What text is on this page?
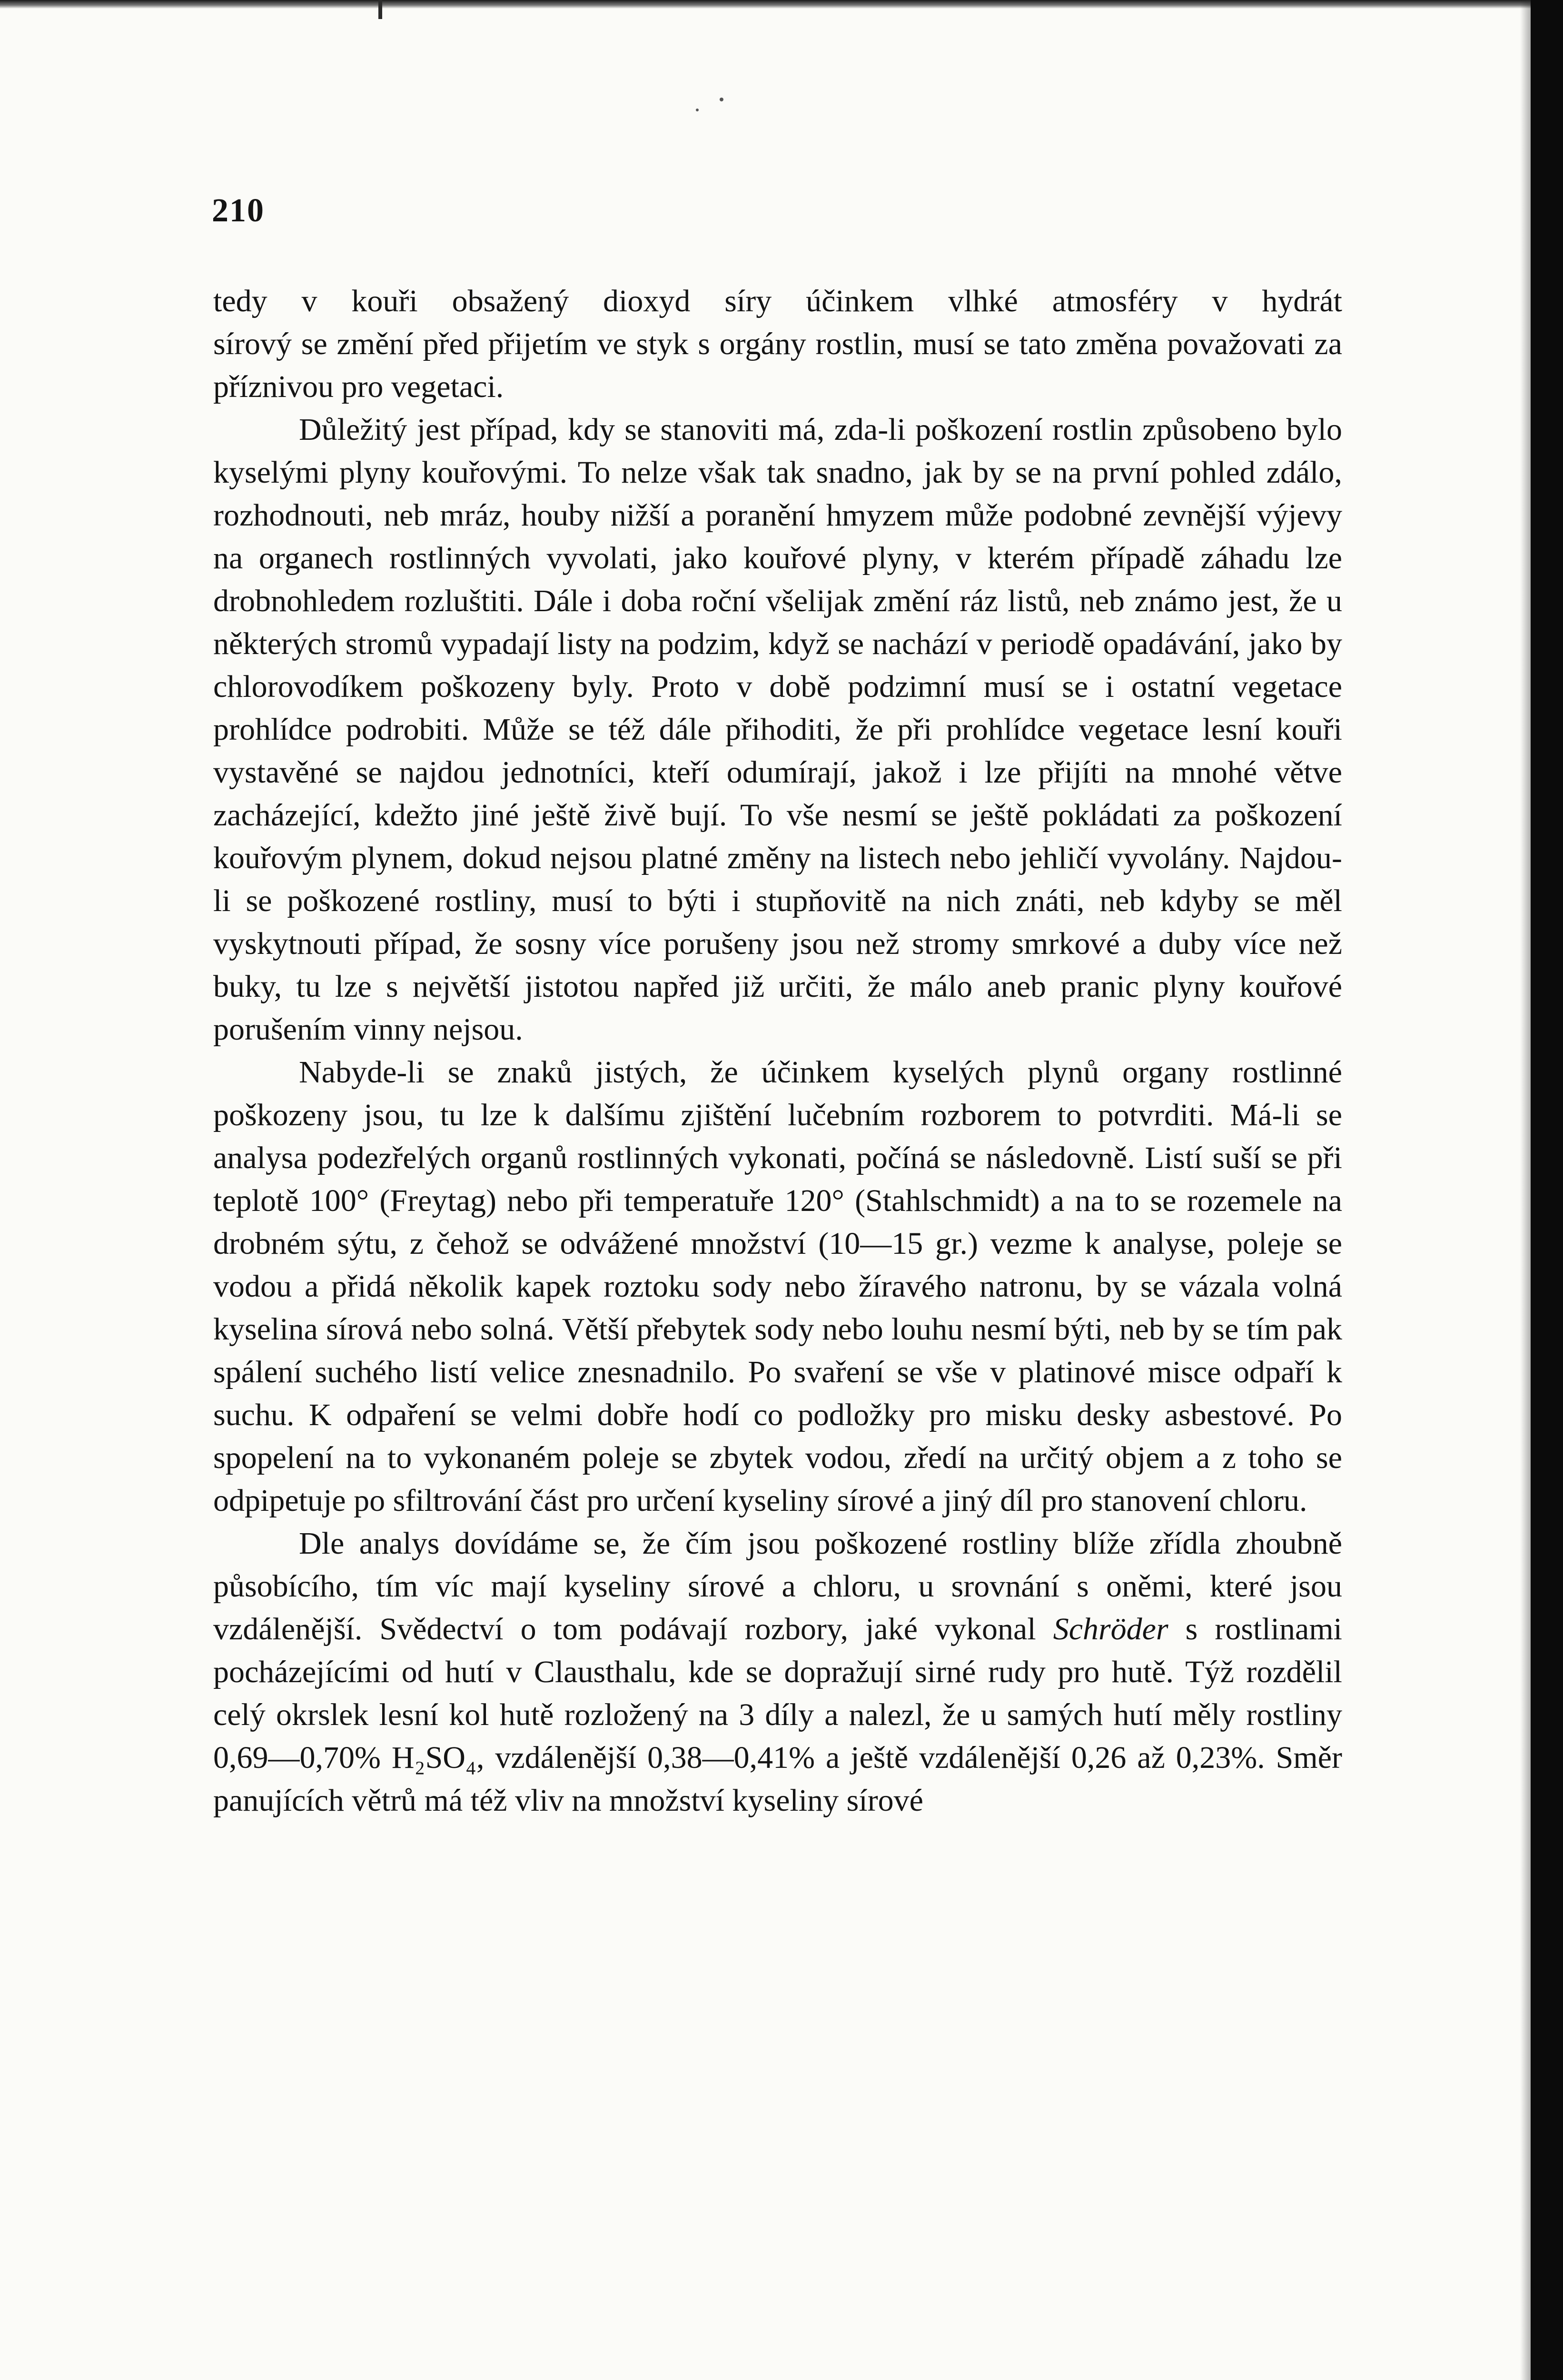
210

tedy v kouři obsažený dioxyd síry účinkem vlhké atmosféry v hydrát
sírový se změní před přijetím ve styk s orgány rostlin, musí se tato změna považovati za příznivou pro vegetaci.

Důležitý jest případ, kdy se stanoviti má, zda-li poškození rostlin způsobeno bylo kyselými plyny kouřovými. To nelze však tak snadno, jak by se na první pohled zdálo, rozhodnouti, neb mráz, houby nižší a poranění hmyzem může podobné zevnější výjevy na organech rostlinných vyvolati, jako kouřové plyny, v kterém případě záhadu lze drobnohledem rozluštiti. Dále i doba roční všelijak změní ráz listů, neb známo jest, že u některých stromů vypadají listy na podzim, když se nachází v periodě opadávání, jako by chlorovodíkem poškozeny byly. Proto v době podzimní musí se i ostatní vegetace prohlídce podrobiti. Může se též dále přihoditi, že při prohlídce vegetace lesní kouři vystavěné se najdou jednotníci, kteří odumírají, jakož i lze přijíti na mnohé větve zacházející, kdežto jiné ještě živě bují. To vše nesmí se ještě pokládati za poškození kouřovým plynem, dokud nejsou platné změny na listech nebo jehličí vyvolány. Najdou-li se poškozené rostliny, musí to býti i stupňovitě na nich znáti, neb kdyby se měl vyskytnouti případ, že sosny více porušeny jsou než stromy smrkové a duby více než buky, tu lze s největší jistotou napřed již určiti, že málo aneb pranic plyny kouřové porušením vinny nejsou.

Nabyde-li se znaků jistých, že účinkem kyselých plynů organy rostlinné poškozeny jsou, tu lze k dalšímu zjištění lučebním rozborem to potvrditi. Má-li se analysa podezřelých organů rostlinných vykonati, počíná se následovně. Listí suší se při teplotě 100° (Freytag) nebo při temperatuře 120° (Stahlschmidt) a na to se rozemele na drobném sýtu, z čehož se odvážené množství (10—15 gr.) vezme k analyse, poleje se vodou a přidá několik kapek roztoku sody nebo žíravého natronu, by se vázala volná kyselina sírová nebo solná. Větší přebytek sody nebo louhu nesmí býti, neb by se tím pak spálení suchého listí velice znesnadnilo. Po svaření se vše v platinové misce odpaří k suchu. K odpaření se velmi dobře hodí co podložky pro misku desky asbestové. Po spopelení na to vykonaném poleje se zbytek vodou, zředí na určitý objem a z toho se odpipetuje po sfiltrování část pro určení kyseliny sírové a jiný díl pro stanovení chloru.

Dle analys dovídáme se, že čím jsou poškozené rostliny blíže zřídla zhoubně působícího, tím víc mají kyseliny sírové a chloru, u srovnání s oněmi, které jsou vzdálenější. Svědectví o tom podávají rozbory, jaké vykonal Schröder s rostlinami pocházejícími od hutí v Clausthalu, kde se dopražují sirné rudy pro hutě. Týž rozdělil celý okrslek lesní kol hutě rozložený na 3 díly a nalezl, že u samých hutí měly rostliny 0,69—0,70% H₂SO₄, vzdálenější 0,38—0,41% a ještě vzdálenější 0,26 až 0,23%. Směr panujících větrů má též vliv na množství kyseliny sírové
